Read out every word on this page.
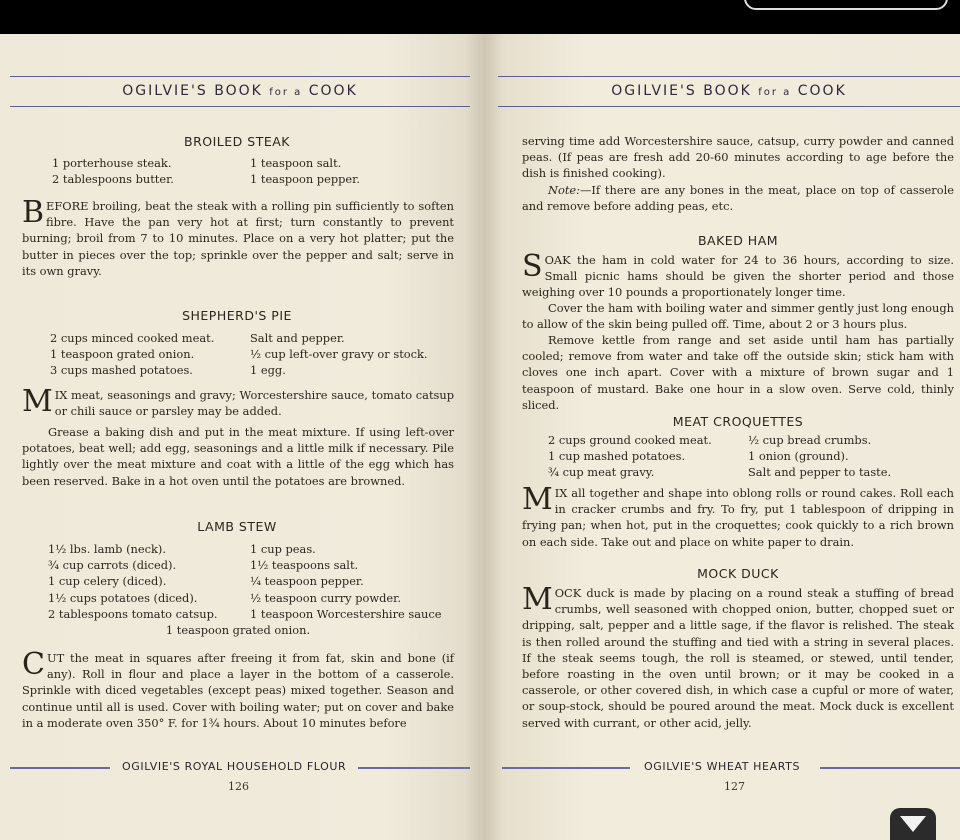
OGILVIE'S BOOK for a COOK
BROILED STEAK
1 porterhouse steak.	1 teaspoon salt.
2 tablespoons butter.	1 teaspoon pepper.
BEFORE broiling, beat the steak with a rolling pin sufficiently to soften fibre. Have the pan very hot at first; turn constantly to prevent burning; broil from 7 to 10 minutes. Place on a very hot platter; put the butter in pieces over the top; sprinkle over the pepper and salt; serve in its own gravy.
SHEPHERD'S PIE
2 cups minced cooked meat.	Salt and pepper.
1 teaspoon grated onion.	½ cup left-over gravy or stock.
3 cups mashed potatoes.	1 egg.
MIX meat, seasonings and gravy; Worcestershire sauce, tomato catsup or chili sauce or parsley may be added.
Grease a baking dish and put in the meat mixture. If using left-over potatoes, beat well; add egg, seasonings and a little milk if necessary. Pile lightly over the meat mixture and coat with a little of the egg which has been reserved. Bake in a hot oven until the potatoes are browned.
LAMB STEW
1½ lbs. lamb (neck).	1 cup peas.
¾ cup carrots (diced).	1½ teaspoons salt.
1 cup celery (diced).	¼ teaspoon pepper.
1½ cups potatoes (diced).	½ teaspoon curry powder.
2 tablespoons tomato catsup.	1 teaspoon Worcestershire sauce
1 teaspoon grated onion.
CUT the meat in squares after freeing it from fat, skin and bone (if any). Roll in flour and place a layer in the bottom of a casserole. Sprinkle with diced vegetables (except peas) mixed together. Season and continue until all is used. Cover with boiling water; put on cover and bake in a moderate oven 350° F. for 1¾ hours. About 10 minutes before
OGILVIE'S ROYAL HOUSEHOLD FLOUR
126
OGILVIE'S BOOK for a COOK
serving time add Worcestershire sauce, catsup, curry powder and canned peas. (If peas are fresh add 20-60 minutes according to age before the dish is finished cooking).
Note:—If there are any bones in the meat, place on top of casserole and remove before adding peas, etc.
BAKED HAM
SOAK the ham in cold water for 24 to 36 hours, according to size. Small picnic hams should be given the shorter period and those weighing over 10 pounds a proportionately longer time.
Cover the ham with boiling water and simmer gently just long enough to allow of the skin being pulled off. Time, about 2 or 3 hours plus.
Remove kettle from range and set aside until ham has partially cooled; remove from water and take off the outside skin; stick ham with cloves one inch apart. Cover with a mixture of brown sugar and 1 teaspoon of mustard. Bake one hour in a slow oven. Serve cold, thinly sliced.
MEAT CROQUETTES
2 cups ground cooked meat.	½ cup bread crumbs.
1 cup mashed potatoes.	1 onion (ground).
¾ cup meat gravy.	Salt and pepper to taste.
MIX all together and shape into oblong rolls or round cakes. Roll each in cracker crumbs and fry. To fry, put 1 tablespoon of dripping in frying pan; when hot, put in the croquettes; cook quickly to a rich brown on each side. Take out and place on white paper to drain.
MOCK DUCK
MOCK duck is made by placing on a round steak a stuffing of bread crumbs, well seasoned with chopped onion, butter, chopped suet or dripping, salt, pepper and a little sage, if the flavor is relished. The steak is then rolled around the stuffing and tied with a string in several places. If the steak seems tough, the roll is steamed, or stewed, until tender, before roasting in the oven until brown; or it may be cooked in a casserole, or other covered dish, in which case a cupful or more of water, or soup-stock, should be poured around the meat. Mock duck is excellent served with currant, or other acid, jelly.
OGILVIE'S WHEAT HEARTS
127
